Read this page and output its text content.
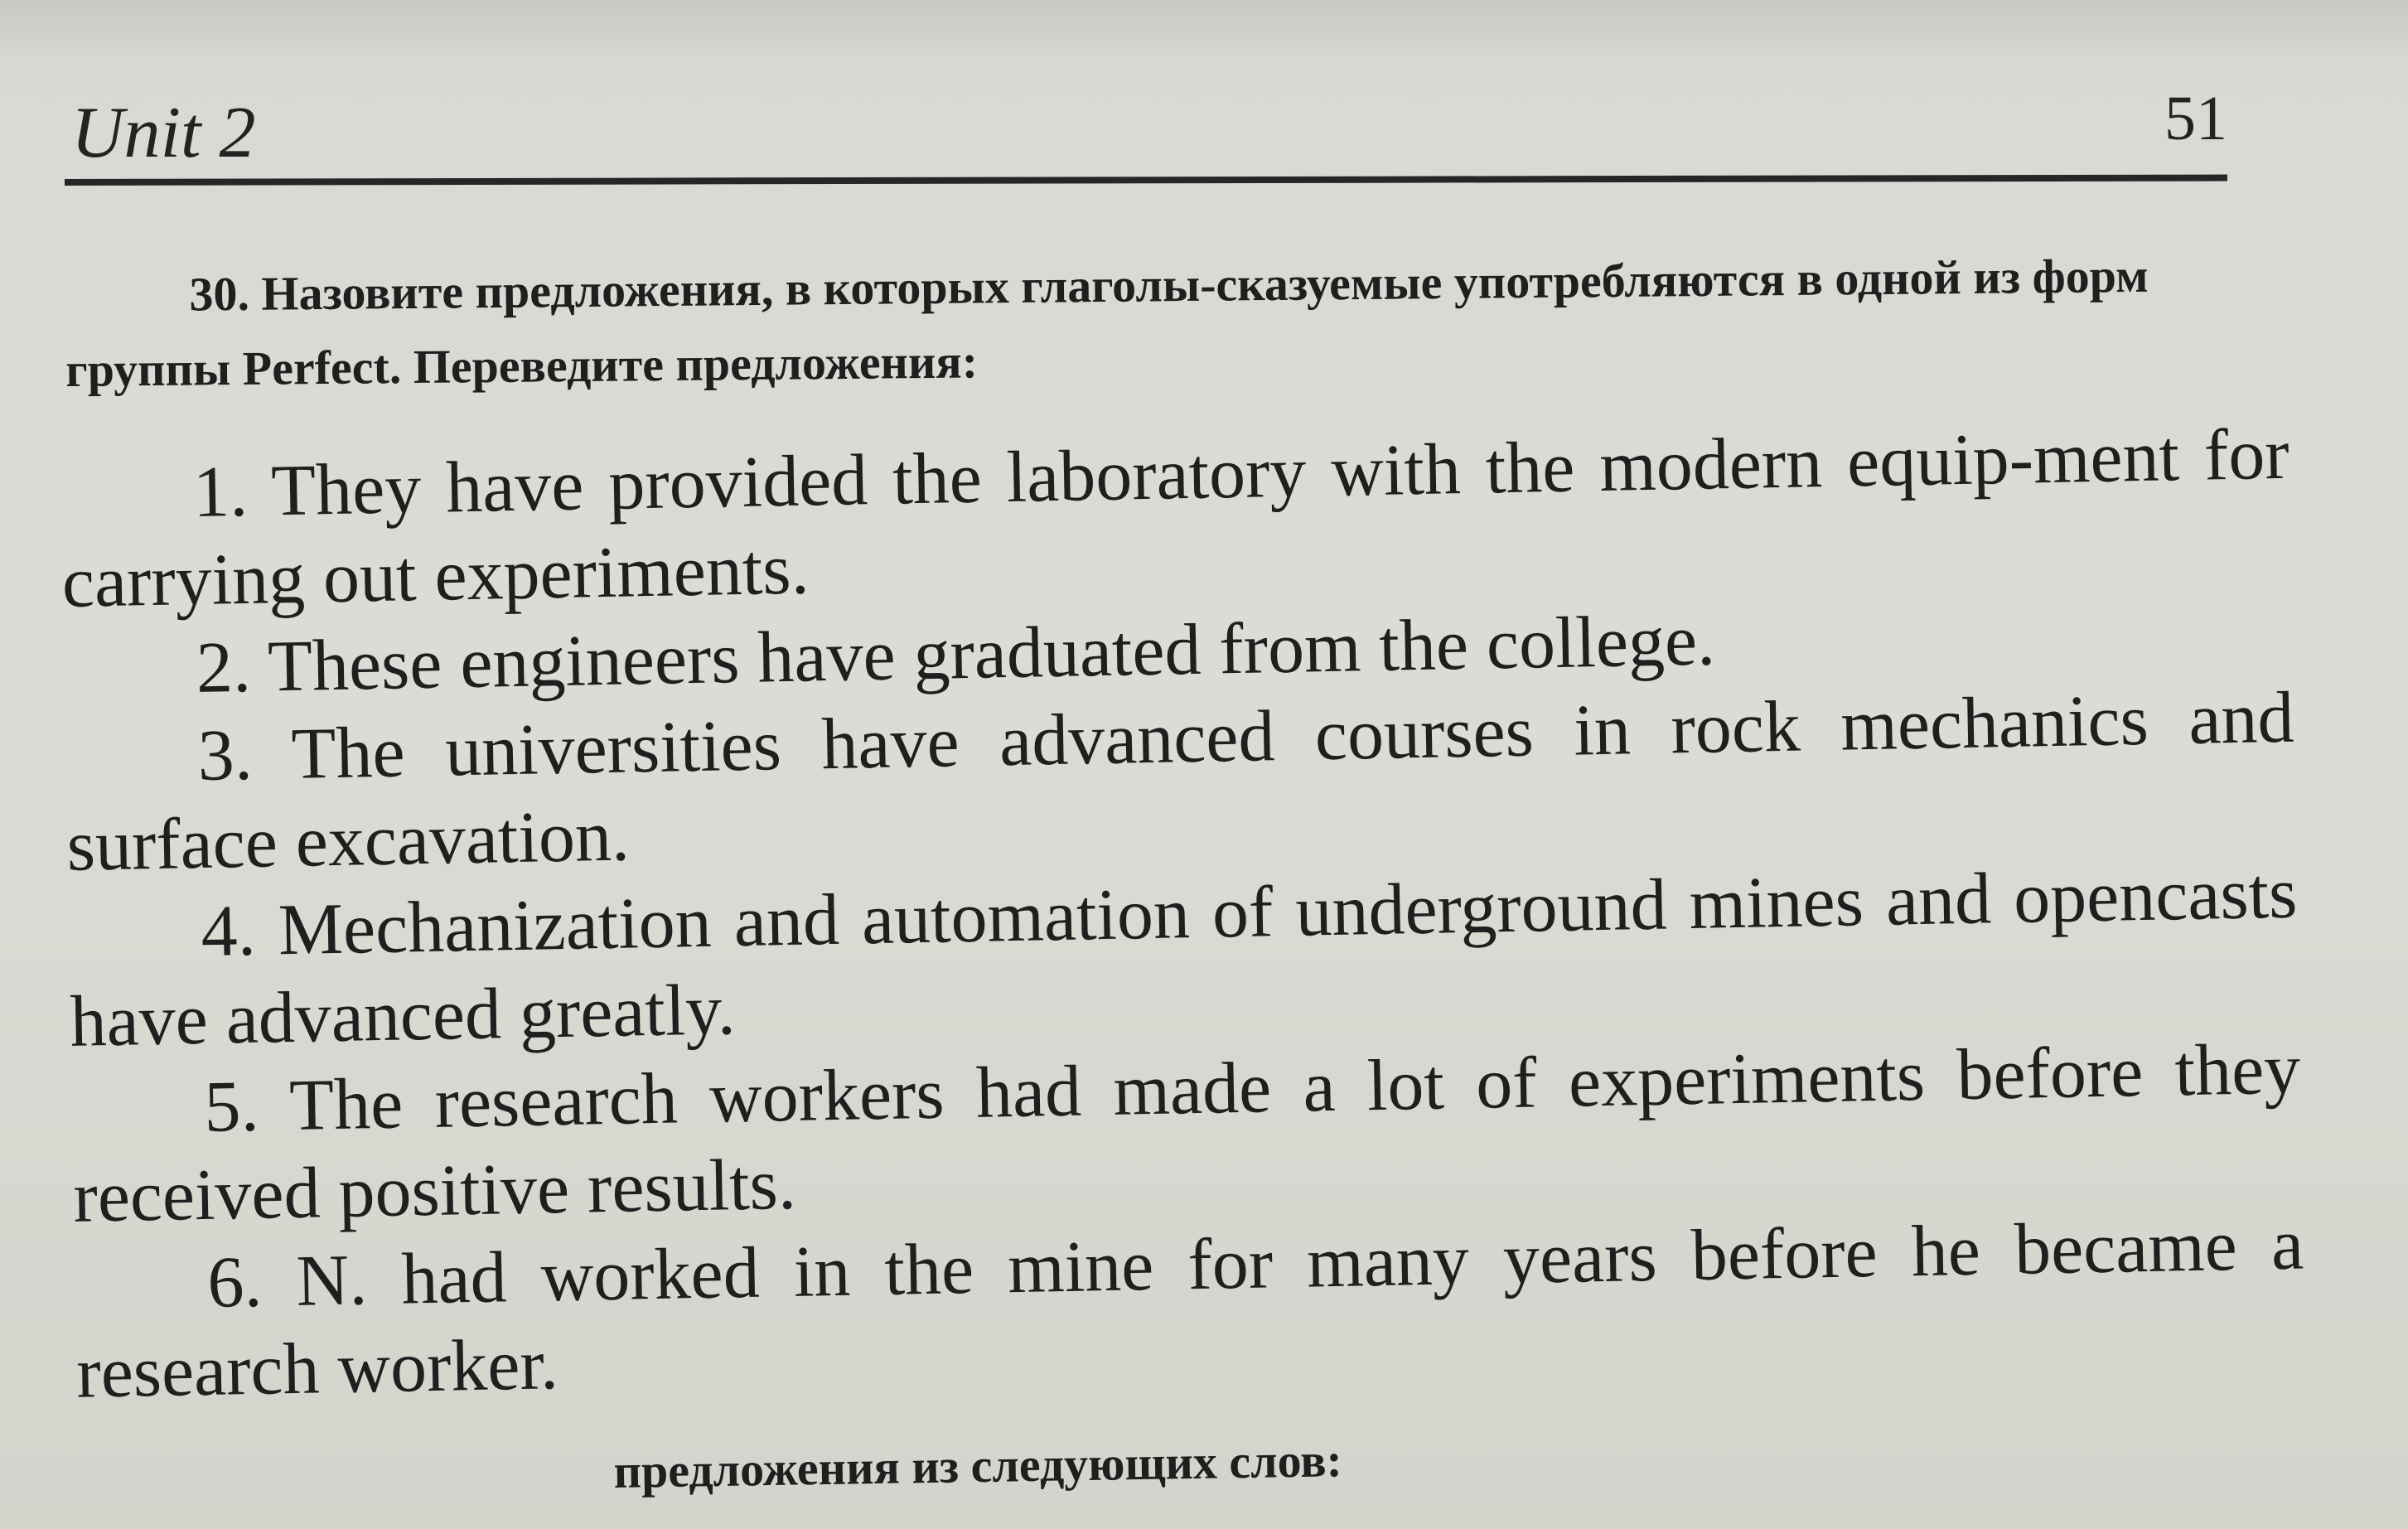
Unit 2	51
30. Назовите предложения, в которых глаголы-сказуемые употребляются в одной из форм группы Perfect. Переведите предложения:

1. They have provided the laboratory with the modern equip-ment for carrying out experiments.

2. These engineers have graduated from the college.

3. The universities have advanced courses in rock mechanics and surface excavation.

4. Mechanization and automation of underground mines and opencasts have advanced greatly.

5. The research workers had made a lot of experiments before they received positive results.

6. N. had worked in the mine for many years before he became a research worker.

предложения из следующих слов:
